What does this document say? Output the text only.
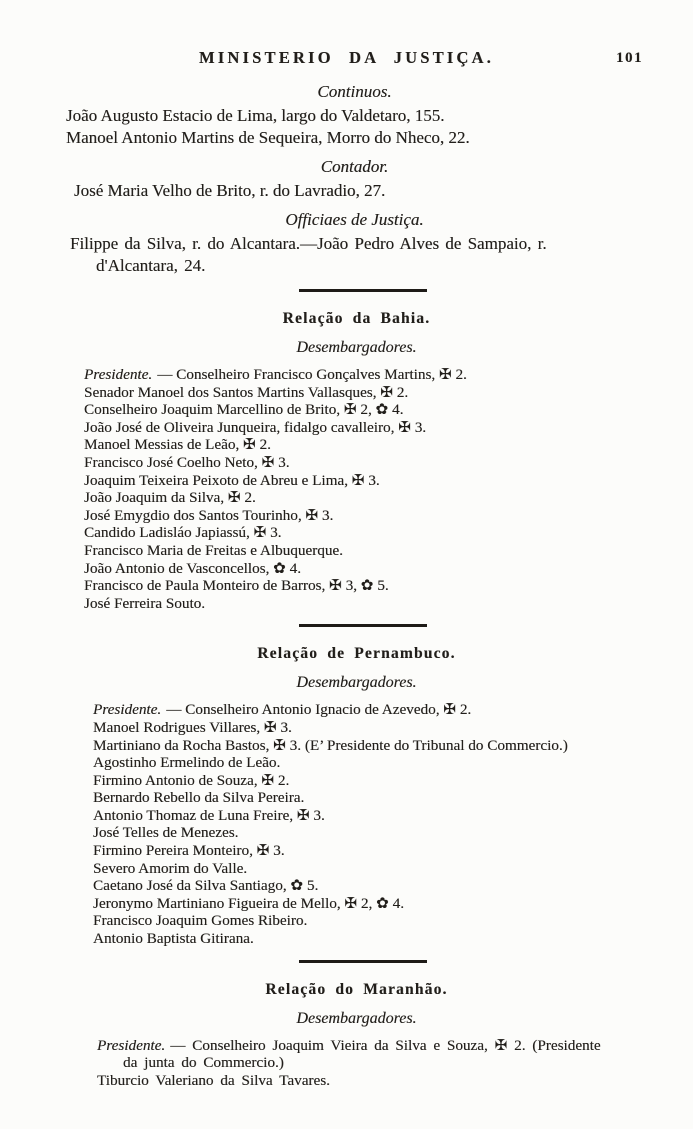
MINISTERIO DA JUSTIÇA.	101
Continuos.

João Augusto Estacio de Lima, largo do Valdetaro, 155.

Manoel Antonio Martins de Sequeira, Morro do Nheco, 22.

Contador.

José Maria Velho de Brito, r. do Lavradio, 27.

Officiaes de Justiça.

Filippe da Silva, r. do Alcantara.—João Pedro Alves de Sampaio, r.
d'Alcantara, 24.

Relação da Bahia.
Desembargadores.

Presidente. — Conselheiro Francisco Gonçalves Martins, ✠ 2.

Senador Manoel dos Santos Martins Vallasques, ✠ 2.

Conselheiro Joaquim Marcellino de Brito, ✠ 2, ✿ 4.

João José de Oliveira Junqueira, fidalgo cavalleiro, ✠ 3.

Manoel Messias de Leão, ✠ 2.

Francisco José Coelho Neto, ✠ 3.

Joaquim Teixeira Peixoto de Abreu e Lima, ✠ 3.

João Joaquim da Silva, ✠ 2.

José Emygdio dos Santos Tourinho, ✠ 3.

Candido Ladisláo Japiassú, ✠ 3.

Francisco Maria de Freitas e Albuquerque.

João Antonio de Vasconcellos, ✿ 4.

Francisco de Paula Monteiro de Barros, ✠ 3, ✿ 5.

José Ferreira Souto.

Relação de Pernambuco.
Desembargadores.

Presidente. — Conselheiro Antonio Ignacio de Azevedo, ✠ 2.

Manoel Rodrigues Villares, ✠ 3.

Martiniano da Rocha Bastos, ✠ 3. (E’ Presidente do Tribunal do Commercio.)

Agostinho Ermelindo de Leão.

Firmino Antonio de Souza, ✠ 2.

Bernardo Rebello da Silva Pereira.

Antonio Thomaz de Luna Freire, ✠ 3.

José Telles de Menezes.

Firmino Pereira Monteiro, ✠ 3.

Severo Amorim do Valle.

Caetano José da Silva Santiago, ✿ 5.

Jeronymo Martiniano Figueira de Mello, ✠ 2, ✿ 4.

Francisco Joaquim Gomes Ribeiro.

Antonio Baptista Gitirana.

Relação do Maranhão.
Desembargadores.

Presidente. — Conselheiro Joaquim Vieira da Silva e Souza, ✠ 2. (Presidente
da junta do Commercio.)

Tiburcio Valeriano da Silva Tavares.
